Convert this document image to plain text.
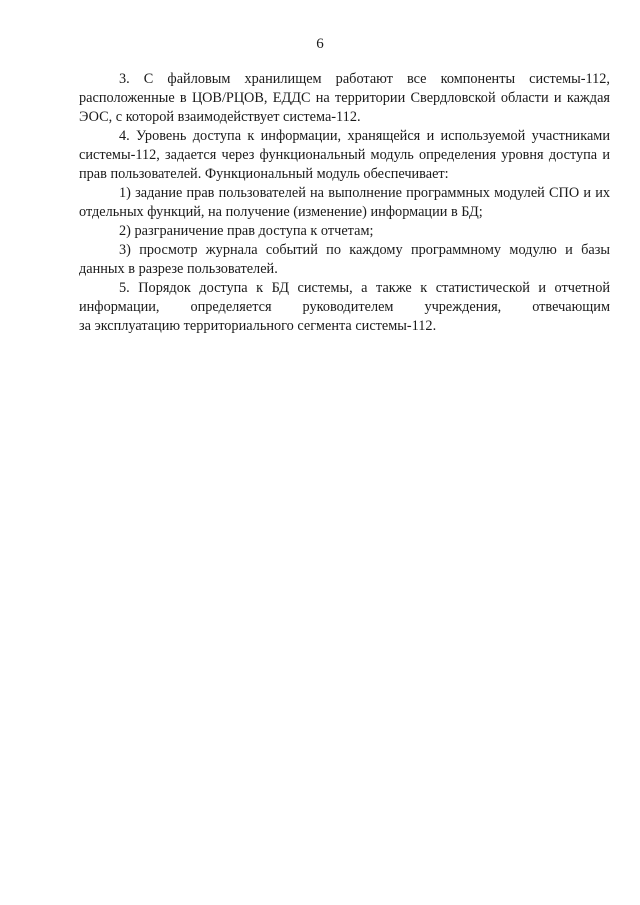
6

3. С файловым хранилищем работают все компоненты системы-112, расположенные в ЦОВ/РЦОВ, ЕДДС на территории Свердловской области и каждая ЭОС, с которой взаимодействует система-112.

4. Уровень доступа к информации, хранящейся и используемой участниками системы-112, задается через функциональный модуль определения уровня доступа и прав пользователей. Функциональный модуль обеспечивает:

1) задание прав пользователей на выполнение программных модулей СПО и их отдельных функций, на получение (изменение) информации в БД;

2) разграничение прав доступа к отчетам;

3) просмотр журнала событий по каждому программному модулю и базы данных в разрезе пользователей.

5. Порядок доступа к БД системы, а также к статистической и отчетной информации, определяется руководителем учреждения, отвечающим

за эксплуатацию территориального сегмента системы-112.
